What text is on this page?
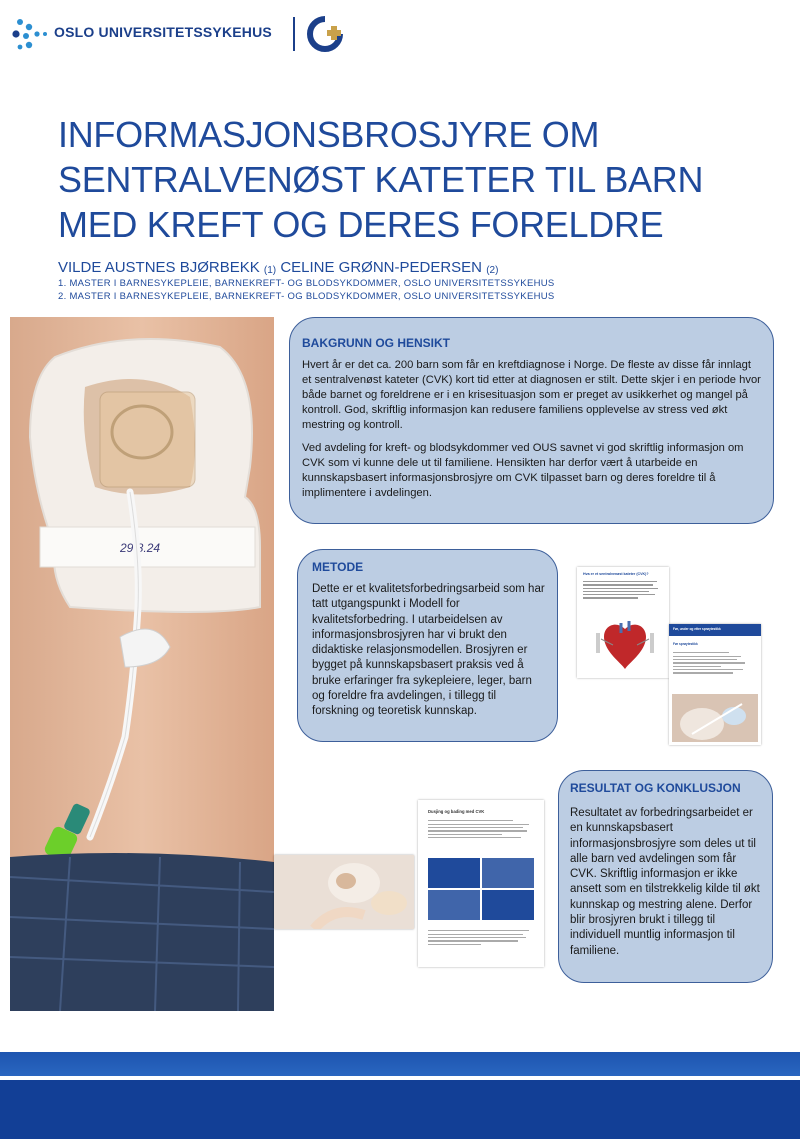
OSLO UNIVERSITETSSYKEHUS
INFORMASJONSBROSJYRE OM
SENTRALVENØST KATETER TIL BARN
MED KREFT OG DERES FORELDRE
VILDE AUSTNES BJØRBEKK $_{(1)}$ CELINE GRØNN-PEDERSEN $_{(2)}$
1. MASTER I BARNESYKEPLEIE, BARNEKREFT- OG BLODSYKDOMMER, OSLO UNIVERSITETSSYKEHUS
2. MASTER I BARNESYKEPLEIE, BARNEKREFT- OG BLODSYKDOMMER, OSLO UNIVERSITETSSYKEHUS
29.8.24
BAKGRUNN OG HENSIKT

Hvert år er det ca. 200 barn som får en kreftdiagnose i Norge. De fleste av disse får innlagt et sentralvenøst kateter (CVK) kort tid etter at diagnosen er stilt. Dette skjer i en periode hvor både barnet og foreldrene er i en krisesituasjon som er preget av usikkerhet og mangel på kontroll. God, skriftlig informasjon kan redusere familiens opplevelse av stress ved økt mestring og kontroll.

Ved avdeling for kreft- og blodsykdommer ved OUS savnet vi god skriftlig informasjon om CVK som vi kunne dele ut til familiene. Hensikten har derfor vært å utarbeide en kunnskapsbasert informasjonsbrosjyre om CVK tilpasset barn og deres foreldre til å implimentere i avdelingen.

METODE

Dette er et kvalitetsforbedringsarbeid som har tatt utgangspunkt i Modell for kvalitetsforbedring. I utarbeidelsen av informasjonsbrosjyren har vi brukt den didaktiske relasjonsmodellen. Brosjyren er bygget på kunnskapsbasert praksis ved å bruke erfaringer fra sykepleiere, leger, barn og foreldre fra avdelingen, i tillegg til forskning og teoretisk kunnskap.

RESULTAT OG KONKLUSJON

Resultatet av forbedringsarbeidet er en kunnskapsbasert informasjonsbrosjyre som deles ut til alle barn ved avdelingen som får CVK. Skriftlig informasjon er ikke ansett som en tilstrekkelig kilde til økt kunnskap og mestring alene. Derfor blir brosjyren brukt i tillegg til individuell muntlig informasjon til familiene.

Hva er et sentralvenøst kateter (CVK)?
Før, under og etter sprøytestikk
Før sprøytestikk
Dusjing og bading med CVK
